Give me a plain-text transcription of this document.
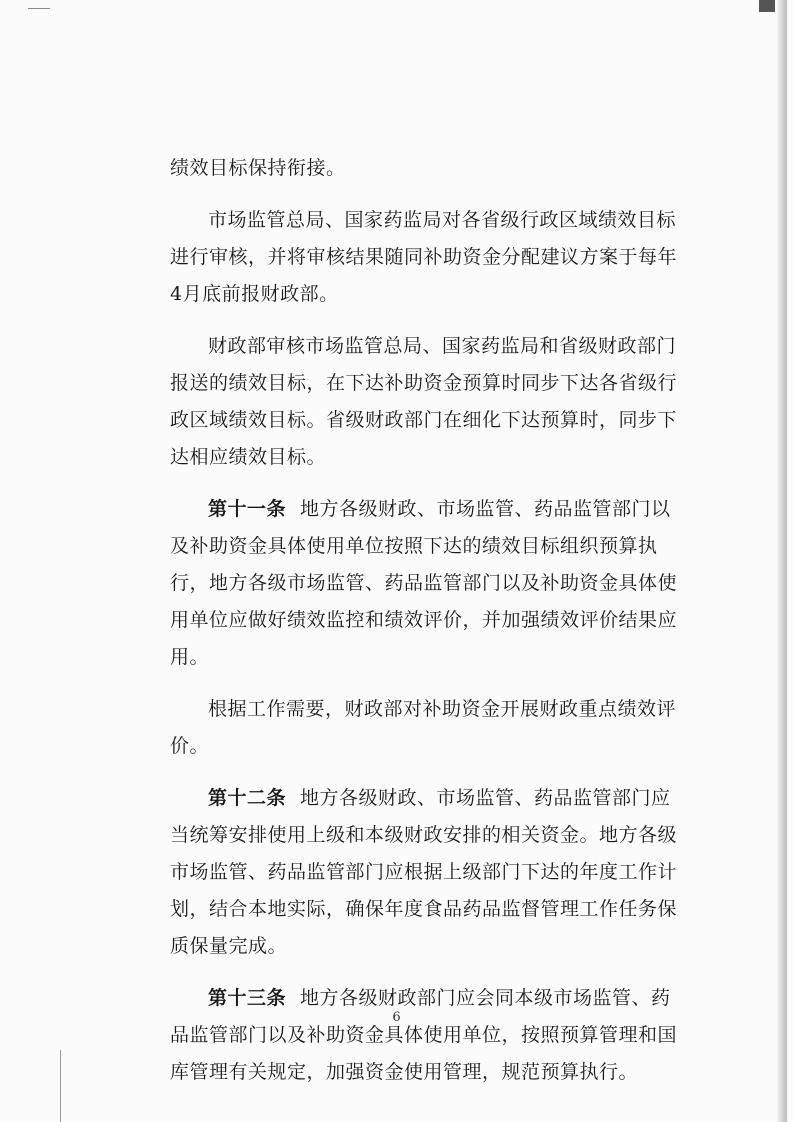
绩效目标保持衔接。
市场监管总局、国家药监局对各省级行政区域绩效目标
进行审核，并将审核结果随同补助资金分配建议方案于每年
4月底前报财政部。
财政部审核市场监管总局、国家药监局和省级财政部门
报送的绩效目标，在下达补助资金预算时同步下达各省级行
政区域绩效目标。省级财政部门在细化下达预算时，同步下
达相应绩效目标。
第十一条 地方各级财政、市场监管、药品监管部门以
及补助资金具体使用单位按照下达的绩效目标组织预算执
行，地方各级市场监管、药品监管部门以及补助资金具体使
用单位应做好绩效监控和绩效评价，并加强绩效评价结果应
用。
根据工作需要，财政部对补助资金开展财政重点绩效评
价。
第十二条 地方各级财政、市场监管、药品监管部门应
当统筹安排使用上级和本级财政安排的相关资金。地方各级
市场监管、药品监管部门应根据上级部门下达的年度工作计
划，结合本地实际，确保年度食品药品监督管理工作任务保
质保量完成。
第十三条 地方各级财政部门应会同本级市场监管、药
品监管部门以及补助资金具体使用单位，按照预算管理和国
库管理有关规定，加强资金使用管理，规范预算执行。
6
